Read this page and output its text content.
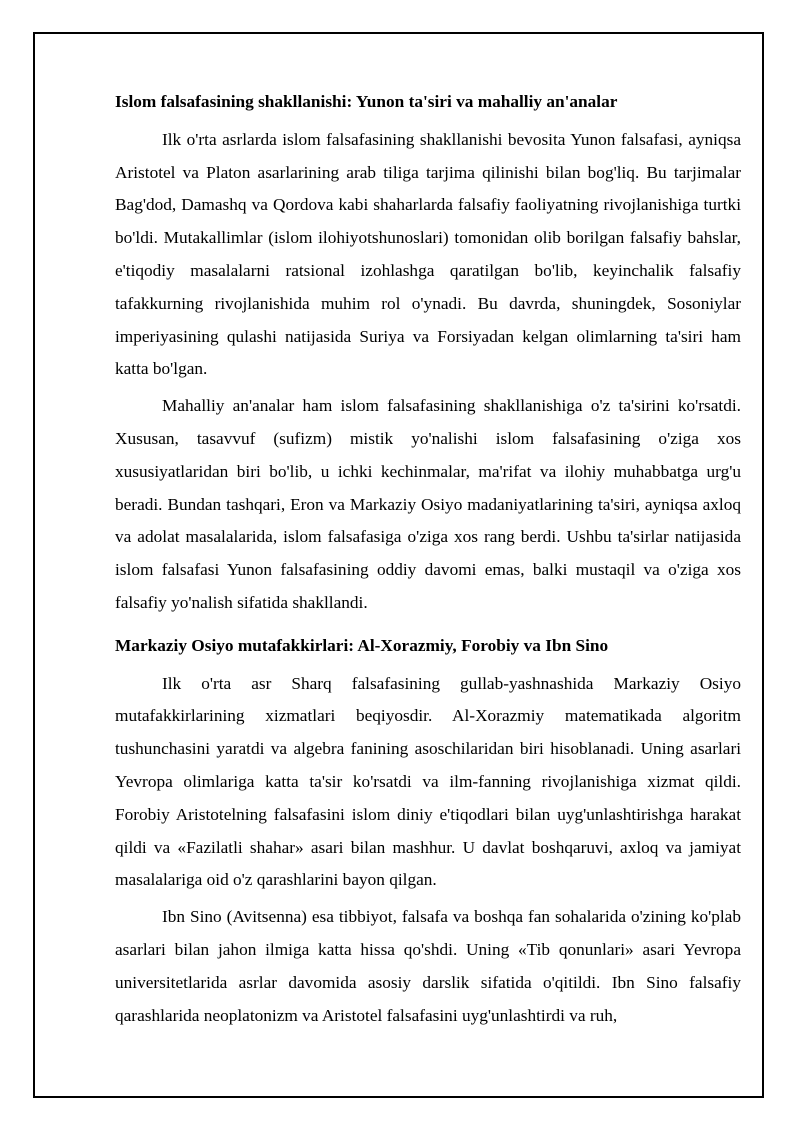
Islom falsafasining shakllanishi: Yunon ta'siri va mahalliy an'analar

Ilk o'rta asrlarda islom falsafasining shakllanishi bevosita Yunon falsafasi, ayniqsa Aristotel va Platon asarlarining arab tiliga tarjima qilinishi bilan bog'liq. Bu tarjimalar Bag'dod, Damashq va Qordova kabi shaharlarda falsafiy faoliyatning rivojlanishiga turtki bo'ldi. Mutakallimlar (islom ilohiyotshunoslari) tomonidan olib borilgan falsafiy bahslar, e'tiqodiy masalalarni ratsional izohlashga qaratilgan bo'lib, keyinchalik falsafiy tafakkurning rivojlanishida muhim rol o'ynadi. Bu davrda, shuningdek, Sosoniylar imperiyasining qulashi natijasida Suriya va Forsiyadan kelgan olimlarning ta'siri ham katta bo'lgan.

Mahalliy an'analar ham islom falsafasining shakllanishiga o'z ta'sirini ko'rsatdi. Xususan, tasavvuf (sufizm) mistik yo'nalishi islom falsafasining o'ziga xos xususiyatlaridan biri bo'lib, u ichki kechinmalar, ma'rifat va ilohiy muhabbatga urg'u beradi. Bundan tashqari, Eron va Markaziy Osiyo madaniyatlarining ta'siri, ayniqsa axloq va adolat masalalarida, islom falsafasiga o'ziga xos rang berdi. Ushbu ta'sirlar natijasida islom falsafasi Yunon falsafasining oddiy davomi emas, balki mustaqil va o'ziga xos falsafiy yo'nalish sifatida shakllandi.

Markaziy Osiyo mutafakkirlari: Al-Xorazmiy, Forobiy va Ibn Sino

Ilk o'rta asr Sharq falsafasining gullab-yashnashida Markaziy Osiyo mutafakkirlarining xizmatlari beqiyosdir. Al-Xorazmiy matematikada algoritm tushunchasini yaratdi va algebra fanining asoschilaridan biri hisoblanadi. Uning asarlari Yevropa olimlariga katta ta'sir ko'rsatdi va ilm-fanning rivojlanishiga xizmat qildi. Forobiy Aristotelning falsafasini islom diniy e'tiqodlari bilan uyg'unlashtirishga harakat qildi va «Fazilatli shahar» asari bilan mashhur. U davlat boshqaruvi, axloq va jamiyat masalalariga oid o'z qarashlarini bayon qilgan.

Ibn Sino (Avitsenna) esa tibbiyot, falsafa va boshqa fan sohalarida o'zining ko'plab asarlari bilan jahon ilmiga katta hissa qo'shdi. Uning «Tib qonunlari» asari Yevropa universitetlarida asrlar davomida asosiy darslik sifatida o'qitildi. Ibn Sino falsafiy qarashlarida neoplatonizm va Aristotel falsafasini uyg'unlashtirdi va ruh,
